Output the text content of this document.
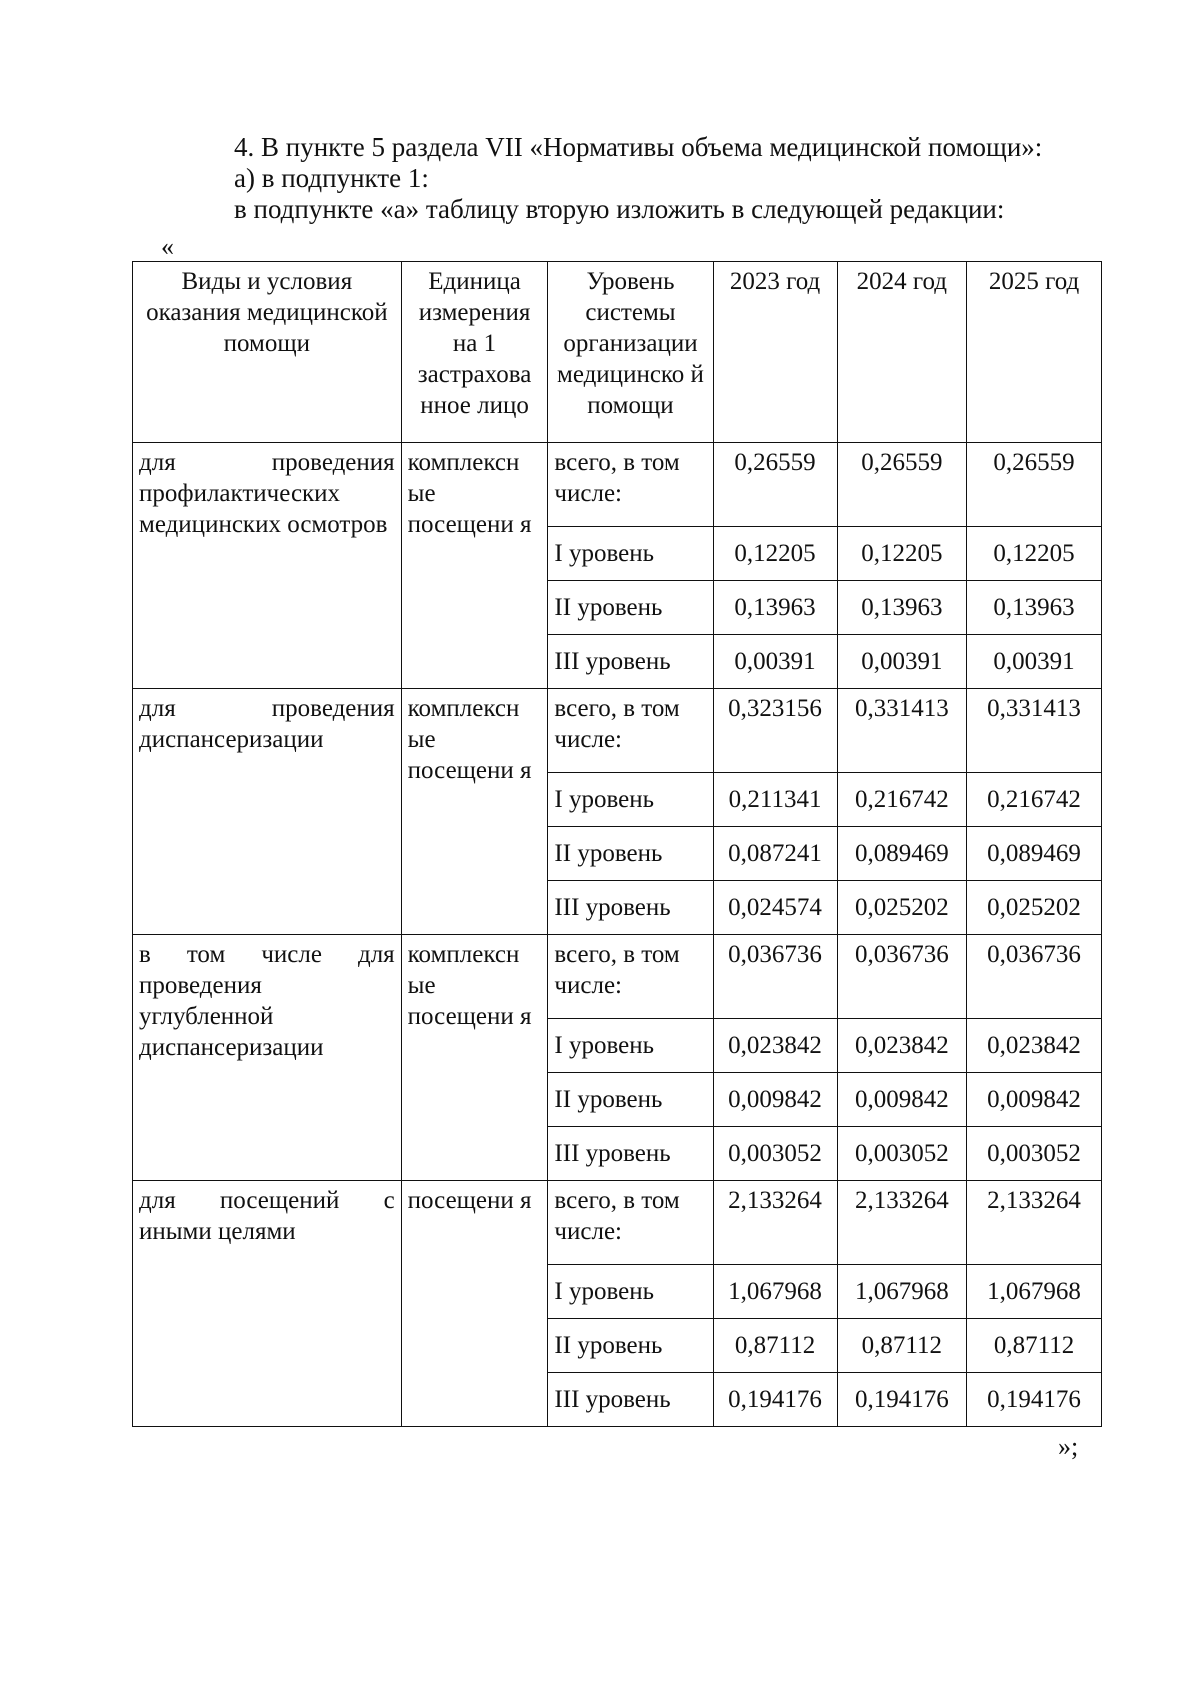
4. В пункте 5 раздела VII «Нормативы объема медицинской помощи»:
а) в подпункте 1:
в подпункте «а» таблицу вторую изложить в следующей редакции:
«
Виды и условия оказания медицинской помощи	Единица измерения на 1 застрахова нное лицо	Уровень системы организации медицинско й помощи	2023 год	2024 год	2025 год
для проведения профилактических медицинских осмотров	комплексн ые посещени я	всего, в том числе:	0,26559	0,26559	0,26559
		I уровень	0,12205	0,12205	0,12205
		II уровень	0,13963	0,13963	0,13963
		III уровень	0,00391	0,00391	0,00391
для проведения диспансеризации	комплексн ые посещени я	всего, в том числе:	0,323156	0,331413	0,331413
		I уровень	0,211341	0,216742	0,216742
		II уровень	0,087241	0,089469	0,089469
		III уровень	0,024574	0,025202	0,025202
в том числе для проведения углубленной диспансеризации	комплексн ые посещени я	всего, в том числе:	0,036736	0,036736	0,036736
		I уровень	0,023842	0,023842	0,023842
		II уровень	0,009842	0,009842	0,009842
		III уровень	0,003052	0,003052	0,003052
для посещений с иными целями	посещени я	всего, в том числе:	2,133264	2,133264	2,133264
		I уровень	1,067968	1,067968	1,067968
		II уровень	0,87112	0,87112	0,87112
		III уровень	0,194176	0,194176	0,194176
»;
